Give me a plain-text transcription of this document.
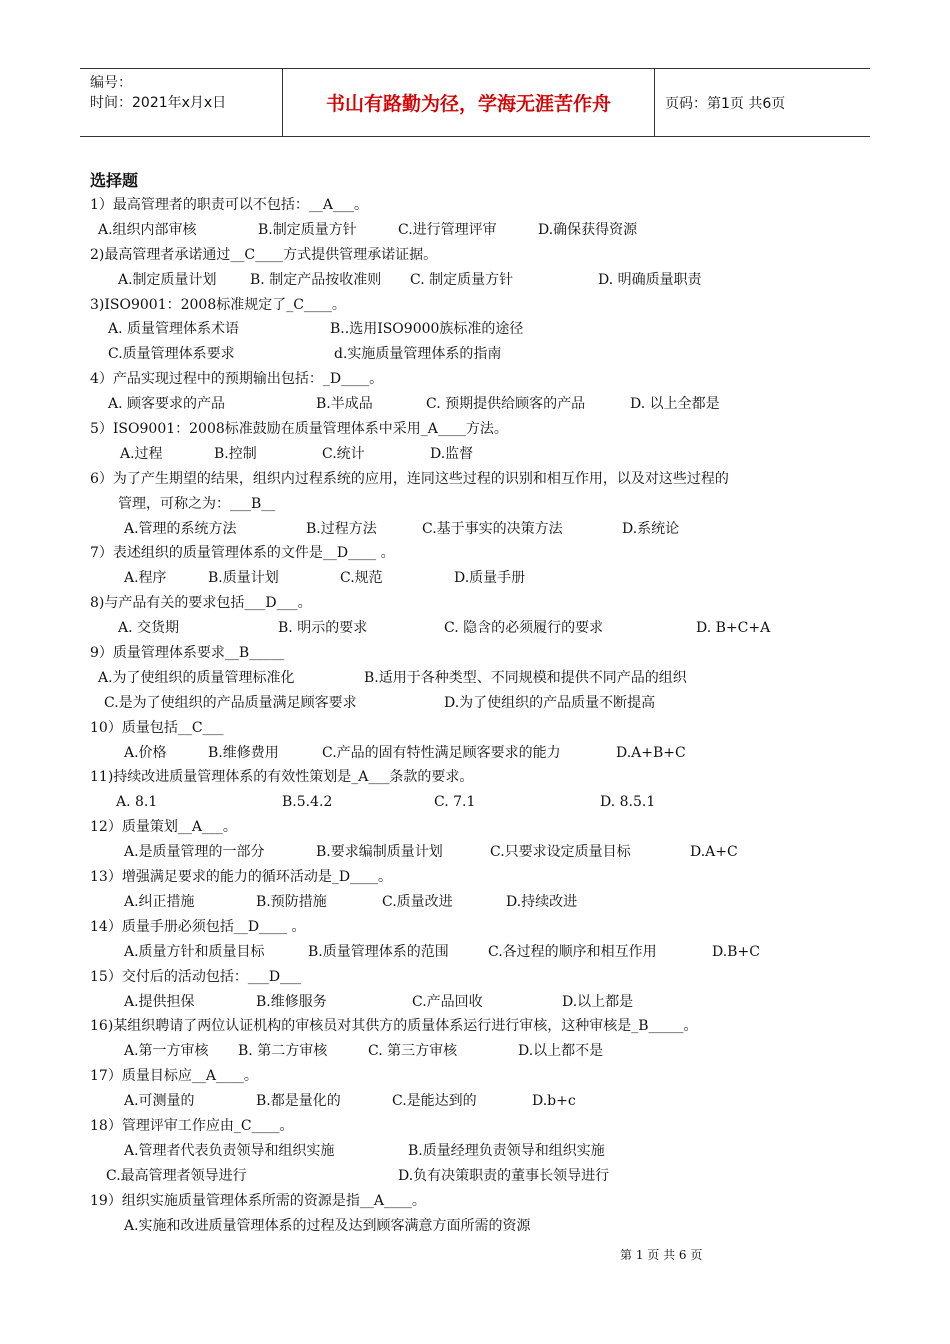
编号：
时间：2021年x月x日	书山有路勤为径，学海无涯苦作舟	页码：第1页 共6页
选择题
1）最高管理者的职责可以不包括：__A___。
A.组织内部审核	B.制定质量方针	C.进行管理评审	D.确保获得资源
2)最高管理者承诺通过__C____方式提供管理承诺证据。
A.制定质量计划 B. 制定产品按收准则 C. 制定质量方针	D. 明确质量职责
3)ISO9001：2008标准规定了_C____。
A. 质量管理体系术语	B..选用ISO9000族标准的途径
C.质量管理体系要求	d.实施质量管理体系的指南
4）产品实现过程中的预期输出包括：_D____。
A. 顾客要求的产品	B.半成品	C. 预期提供给顾客的产品	D. 以上全都是
5）ISO9001：2008标准鼓励在质量管理体系中采用_A____方法。
A.过程	B.控制	C.统计	D.监督
6）为了产生期望的结果，组织内过程系统的应用，连同这些过程的识别和相互作用，以及对这些过程的
管理，可称之为：___B__
A.管理的系统方法	B.过程方法	C.基于事实的决策方法	D.系统论
7）表述组织的质量管理体系的文件是__D____ 。
A.程序	B.质量计划	C.规范	D.质量手册
8)与产品有关的要求包括___D___。
A. 交货期	B. 明示的要求	C. 隐含的必须履行的要求	D. B+C+A
9）质量管理体系要求__B_____
A.为了使组织的质量管理标准化	B.适用于各种类型、不同规模和提供不同产品的组织
C.是为了使组织的产品质量满足顾客要求	D.为了使组织的产品质量不断提高
10）质量包括__C___
A.价格	B.维修费用	C.产品的固有特性满足顾客要求的能力	D.A+B+C
11)持续改进质量管理体系的有效性策划是_A___条款的要求。
A. 8.1	B.5.4.2	C. 7.1	D. 8.5.1
12）质量策划__A___。
A.是质量管理的一部分	B.要求编制质量计划	C.只要求设定质量目标	D.A+C
13）增强满足要求的能力的循环活动是_D____。
A.纠正措施	B.预防措施	C.质量改进	D.持续改进
14）质量手册必须包括__D____ 。
A.质量方针和质量目标	B.质量管理体系的范围	C.各过程的顺序和相互作用	D.B+C
15）交付后的活动包括：___D___
A.提供担保	B.维修服务	C.产品回收	D.以上都是
16)某组织聘请了两位认证机构的审核员对其供方的质量体系运行进行审核，这种审核是_B_____。
A.第一方审核 B. 第二方审核	C. 第三方审核	D.以上都不是
17）质量目标应__A____。
A.可测量的	B.都是量化的	C.是能达到的	D.b+c
18）管理评审工作应由_C____。
A.管理者代表负责领导和组织实施	B.质量经理负责领导和组织实施
C.最高管理者领导进行	D.负有决策职责的董事长领导进行
19）组织实施质量管理体系所需的资源是指__A____。
A.实施和改进质量管理体系的过程及达到顾客满意方面所需的资源
第 1 页 共 6 页
